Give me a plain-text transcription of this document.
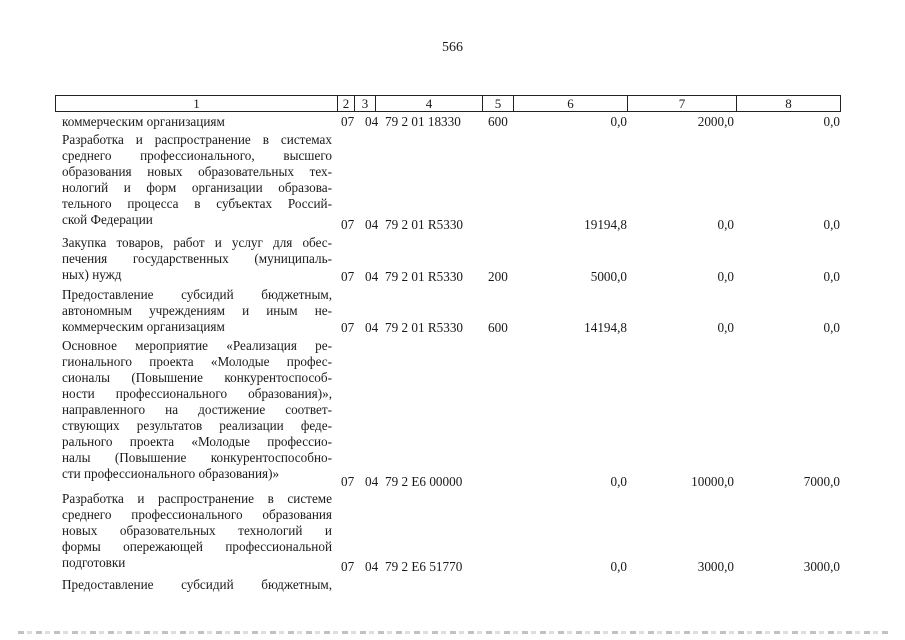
566
1	2 3	4	5	6	7	8
коммерческим организациям	07 04 79 2 01 18330 600	0,0	2000,0	0,0
Разработка и распространение в системах
среднего профессионального, высшего
образования новых образовательных тех-
нологий и форм организации образова-
тельного процесса в субъектах Россий-
ской Федерации	07 04 79 2 01 R5330	19194,8	0,0	0,0
Закупка товаров, работ и услуг для обес-
печения государственных (муниципаль-
ных) нужд	07 04 79 2 01 R5330 200	5000,0	0,0	0,0
Предоставление субсидий бюджетным,
автономным учреждениям и иным не-
коммерческим организациям	07 04 79 2 01 R5330 600	14194,8	0,0	0,0
Основное мероприятие «Реализация ре-
гионального проекта «Молодые профес-
сионалы (Повышение конкурентоспособ-
ности профессионального образования)»,
направленного на достижение соответ-
ствующих результатов реализации феде-
рального проекта «Молодые профессио-
налы (Повышение конкурентоспособно-
сти профессионального образования)»
07 04 79 2 E6 00000	0,0	10000,0	7000,0
Разработка и распространение в системе
среднего профессионального образования
новых образовательных технологий и
формы опережающей профессиональной
подготовки	07 04 79 2 E6 51770	0,0	3000,0	3000,0
Предоставление субсидий бюджетным,
